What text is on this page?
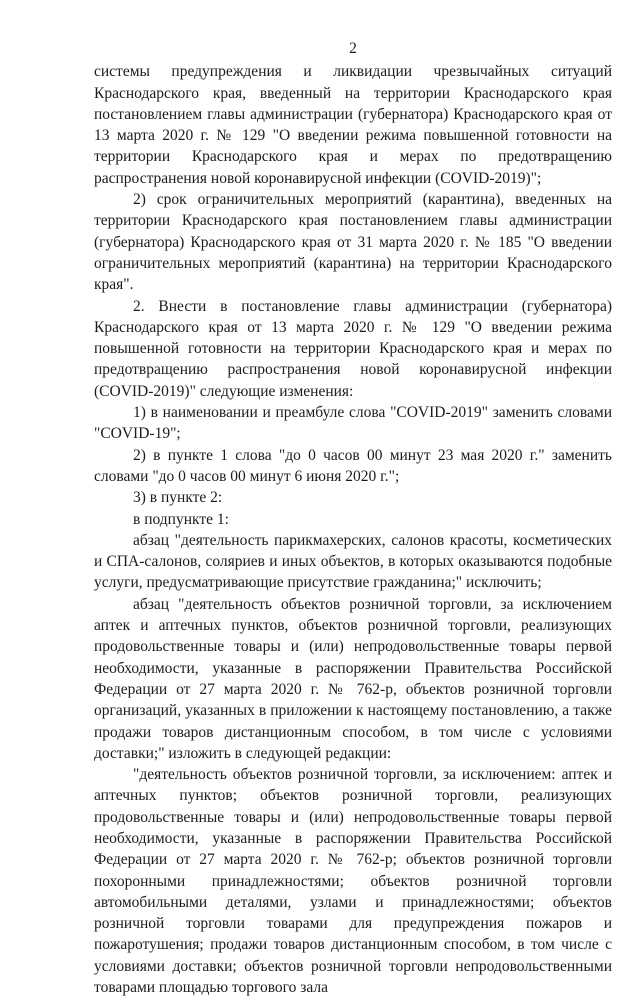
2

системы предупреждения и ликвидации чрезвычайных ситуаций Краснодарского края, введенный на территории Краснодарского края постановлением главы администрации (губернатора) Краснодарского края от 13 марта 2020 г. № 129 "О введении режима повышенной готовности на территории Краснодарского края и мерах по предотвращению распространения новой коронавирусной инфекции (COVID-2019)";

2) срок ограничительных мероприятий (карантина), введенных на территории Краснодарского края постановлением главы администрации (губернатора) Краснодарского края от 31 марта 2020 г. № 185 "О введении ограничительных мероприятий (карантина) на территории Краснодарского края".

2. Внести в постановление главы администрации (губернатора) Краснодарского края от 13 марта 2020 г. № 129 "О введении режима повышенной готовности на территории Краснодарского края и мерах по предотвращению распространения новой коронавирусной инфекции (COVID-2019)" следующие изменения:

1) в наименовании и преамбуле слова "COVID-2019" заменить словами "COVID-19";

2) в пункте 1 слова "до 0 часов 00 минут 23 мая 2020 г." заменить словами "до 0 часов 00 минут 6 июня 2020 г.";

3) в пункте 2:

в подпункте 1:

абзац "деятельность парикмахерских, салонов красоты, косметических и СПА-салонов, соляриев и иных объектов, в которых оказываются подобные услуги, предусматривающие присутствие гражданина;" исключить;

абзац "деятельность объектов розничной торговли, за исключением аптек и аптечных пунктов, объектов розничной торговли, реализующих продовольственные товары и (или) непродовольственные товары первой необходимости, указанные в распоряжении Правительства Российской Федерации от 27 марта 2020 г. № 762-р, объектов розничной торговли организаций, указанных в приложении к настоящему постановлению, а также продажи товаров дистанционным способом, в том числе с условиями доставки;" изложить в следующей редакции:

"деятельность объектов розничной торговли, за исключением: аптек и аптечных пунктов; объектов розничной торговли, реализующих продовольственные товары и (или) непродовольственные товары первой необходимости, указанные в распоряжении Правительства Российской Федерации от 27 марта 2020 г. № 762-р; объектов розничной торговли похоронными принадлежностями; объектов розничной торговли автомобильными деталями, узлами и принадлежностями; объектов розничной торговли товарами для предупреждения пожаров и пожаротушения; продажи товаров дистанционным способом, в том числе с условиями доставки; объектов розничной торговли непродовольственными товарами площадью торгового зала
